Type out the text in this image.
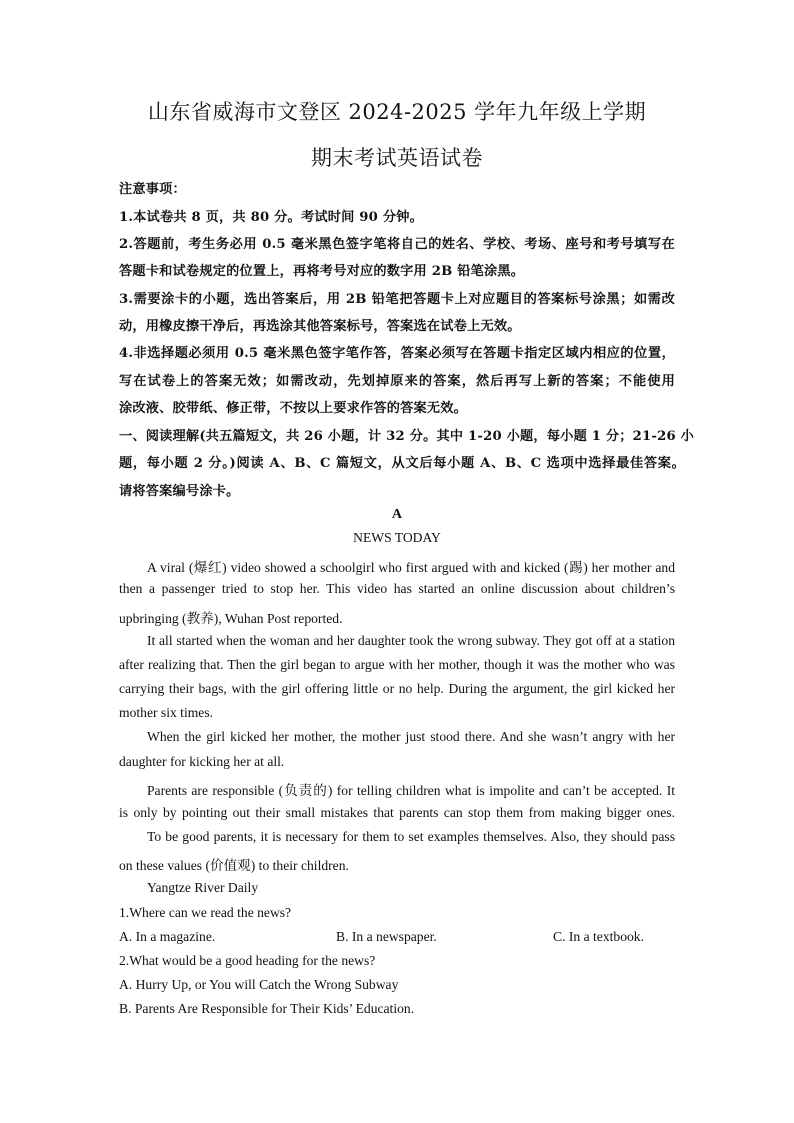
山东省威海市文登区 2024-2025 学年九年级上学期
期末考试英语试卷
注意事项：
1.本试卷共 8 页，共 80 分。考试时间 90 分钟。
2.答题前，考生务必用 0.5 毫米黑色签字笔将自己的姓名、学校、考场、座号和考号填写在
答题卡和试卷规定的位置上，再将考号对应的数字用 2B 铅笔涂黑。
3.需要涂卡的小题，选出答案后，用 2B 铅笔把答题卡上对应题目的答案标号涂黑；如需改
动，用橡皮擦干净后，再选涂其他答案标号，答案选在试卷上无效。
4.非选择题必须用 0.5 毫米黑色签字笔作答，答案必须写在答题卡指定区域内相应的位置，
写在试卷上的答案无效；如需改动，先划掉原来的答案，然后再写上新的答案；不能使用
涂改液、胶带纸、修正带，不按以上要求作答的答案无效。
一、阅读理解(共五篇短文，共 26 小题，计 32 分。其中 1-20 小题，每小题 1 分；21-26 小
题，每小题 2 分。)阅读 A、B、C 篇短文，从文后每小题 A、B、C 选项中选择最佳答案。
请将答案编号涂卡。
A
NEWS TODAY
A viral (爆红) video showed a schoolgirl who first argued with and kicked (踢) her mother and
then a passenger tried to stop her. This video has started an online discussion about children’s
upbringing (教养), Wuhan Post reported.
It all started when the woman and her daughter took the wrong subway. They got off at a station
after realizing that. Then the girl began to argue with her mother, though it was the mother who was
carrying their bags, with the girl offering little or no help. During the argument, the girl kicked her
mother six times.
When the girl kicked her mother, the mother just stood there. And she wasn’t angry with her
daughter for kicking her at all.
Parents are responsible (负责的) for telling children what is impolite and can’t be accepted. It
is only by pointing out their small mistakes that parents can stop them from making bigger ones.
To be good parents, it is necessary for them to set examples themselves. Also, they should pass
on these values (价值观) to their children.
Yangtze River Daily
1.Where can we read the news?
A. In a magazine.	B. In a newspaper.	C. In a textbook.
2.What would be a good heading for the news?
A. Hurry Up, or You will Catch the Wrong Subway
B. Parents Are Responsible for Their Kids’ Education.
